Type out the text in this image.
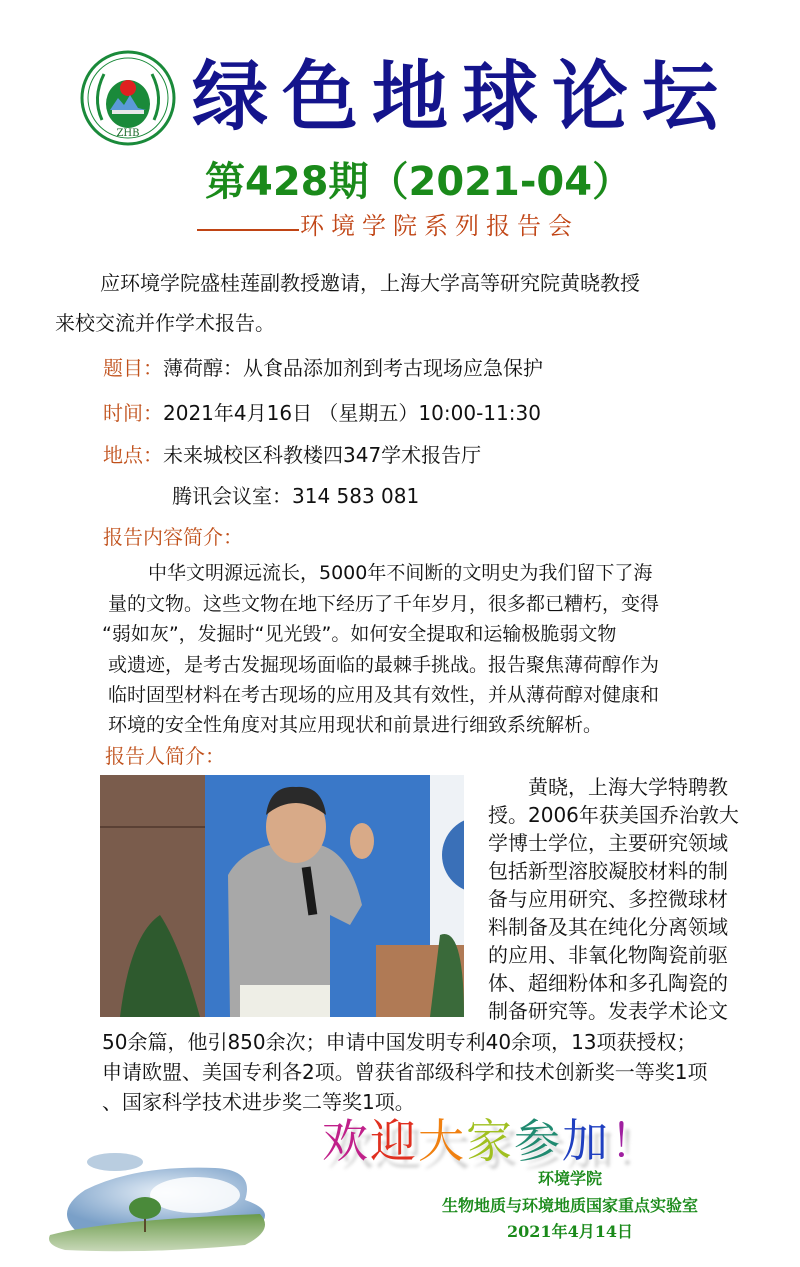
ZHB 绿色地球论坛
第428期（2021-04）
环境学院系列报告会
应环境学院盛桂莲副教授邀请，上海大学高等研究院黄晓教授
来校交流并作学术报告。
题目：薄荷醇：从食品添加剂到考古现场应急保护
时间：2021年4月16日 （星期五）10:00-11:30
地点：未来城校区科教楼四347学术报告厅
腾讯会议室：314 583 081
报告内容简介：
中华文明源远流长，5000年不间断的文明史为我们留下了海
量的文物。这些文物在地下经历了千年岁月，很多都已糟朽，变得
“弱如灰”，发掘时“见光毁”。如何安全提取和运输极脆弱文物
或遗迹，是考古发掘现场面临的最棘手挑战。报告聚焦薄荷醇作为
临时固型材料在考古现场的应用及其有效性，并从薄荷醇对健康和
环境的安全性角度对其应用现状和前景进行细致系统解析。
报告人简介：
黄晓，上海大学特聘教
授。2006年获美国乔治敦大
学博士学位，主要研究领域
包括新型溶胶凝胶材料的制
备与应用研究、多控微球材
料制备及其在纯化分离领域
的应用、非氧化物陶瓷前驱
体、超细粉体和多孔陶瓷的
制备研究等。发表学术论文
50余篇，他引850余次；申请中国发明专利40余项，13项获授权；
申请欧盟、美国专利各2项。曾获省部级科学和技术创新奖一等奖1项
、国家科学技术进步奖二等奖1项。
欢迎大家参加！
环境学院
生物地质与环境地质国家重点实验室
2021年4月14日
